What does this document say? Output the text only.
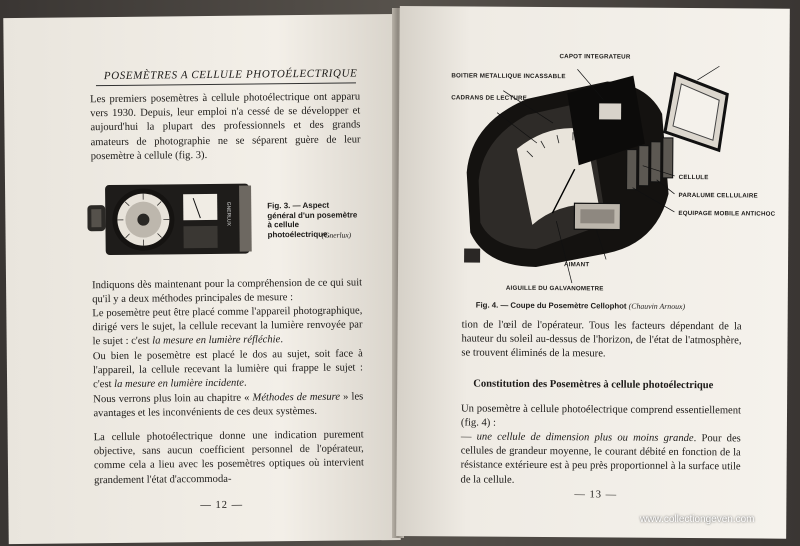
POSEMÈTRES A CELLULE PHOTOÉLECTRIQUE
Les premiers posemètres à cellule photoélectrique ont apparu vers 1930. Depuis, leur emploi n'a cessé de se développer et aujourd'hui la plupart des professionnels et des grands amateurs de photographie ne se séparent guère de leur posemètre à cellule (fig. 3).
GNERLUX	Fig. 3. — Aspect général d'un posemètre à cellule photoélectrique.
(Gnerlux)
Indiquons dès maintenant pour la compréhension de ce qui suit qu'il y a deux méthodes principales de mesure :
Le posemètre peut être placé comme l'appareil photographique, dirigé vers le sujet, la cellule recevant la lumière renvoyée par le sujet : c'est la mesure en lumière réfléchie.
Ou bien le posemètre est placé le dos au sujet, soit face à l'appareil, la cellule recevant la lumière qui frappe le sujet : c'est la mesure en lumière incidente.
Nous verrons plus loin au chapitre « Méthodes de mesure » les avantages et les inconvénients de ces deux systèmes.
La cellule photoélectrique donne une indication purement objective, sans aucun coefficient personnel de l'opérateur, comme cela a lieu avec les posemètres optiques où intervient grandement l'état d'accommoda-
— 12 —
CAPOT INTEGRATEUR
BOITIER METALLIQUE INCASSABLE
CADRANS DE LECTURE
CELLULE
PARALUME CELLULAIRE
EQUIPAGE MOBILE ANTICHOC
AIMANT
AIGUILLE DU GALVANOMETRE
Fig. 4. — Coupe du Posemètre Cellophot (Chauvin Arnoux)
tion de l'œil de l'opérateur. Tous les facteurs dépendant de la hauteur du soleil au-dessus de l'horizon, de l'état de l'atmosphère, se trouvent éliminés de la mesure.
Constitution des Posemètres à cellule photoélectrique
Un posemètre à cellule photoélectrique comprend essentiellement (fig. 4) :
— une cellule de dimension plus ou moins grande. Pour des cellules de grandeur moyenne, le courant débité en fonction de la résistance extérieure est à peu près proportionnel à la surface utile de la cellule.
— 13 —
www.collectiongeven.com
